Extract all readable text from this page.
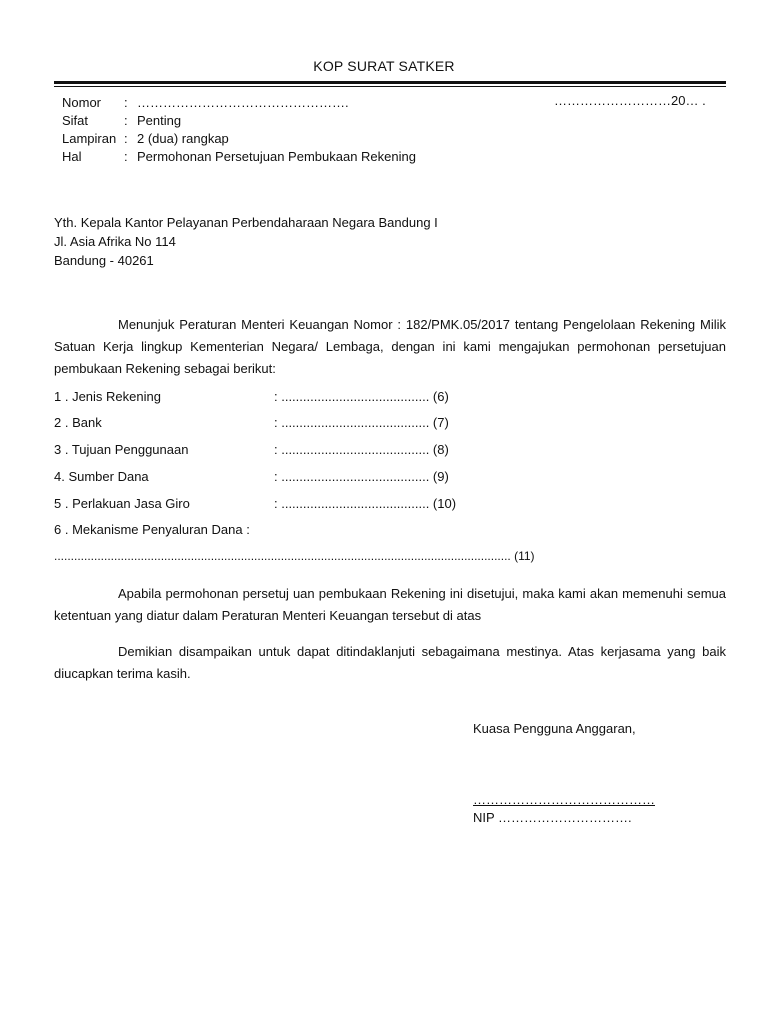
KOP SURAT SATKER
………………………20… .
Nomor : ………………………………………….
Sifat	: Penting
Lampiran : 2 (dua) rangkap
Hal	: Permohonan Persetujuan Pembukaan Rekening
Yth. Kepala Kantor Pelayanan Perbendaharaan Negara Bandung I
Jl. Asia Afrika No 114
Bandung - 40261
Menunjuk Peraturan Menteri Keuangan Nomor : 182/PMK.05/2017 tentang Pengelolaan Rekening Milik Satuan Kerja lingkup Kementerian Negara/ Lembaga, dengan ini kami mengajukan permohonan persetujuan pembukaan Rekening sebagai berikut:
1 . Jenis Rekening	: ......................................... (6)
2 . Bank	: ......................................... (7)
3 . Tujuan Penggunaan	: ......................................... (8)
4. Sumber Dana	: ......................................... (9)
5 . Perlakuan Jasa Giro	: ......................................... (10)
6 . Mekanisme Penyaluran Dana :
......................................................................................................................................... (11)
Apabila permohonan persetuj uan pembukaan Rekening ini disetujui, maka kami akan memenuhi semua ketentuan yang diatur dalam Peraturan Menteri Keuangan tersebut di atas
Demikian disampaikan untuk dapat ditindaklanjuti sebagaimana mestinya. Atas kerjasama yang baik diucapkan terima kasih.
Kuasa Pengguna Anggaran,
……………………………………
NIP ………………………….
